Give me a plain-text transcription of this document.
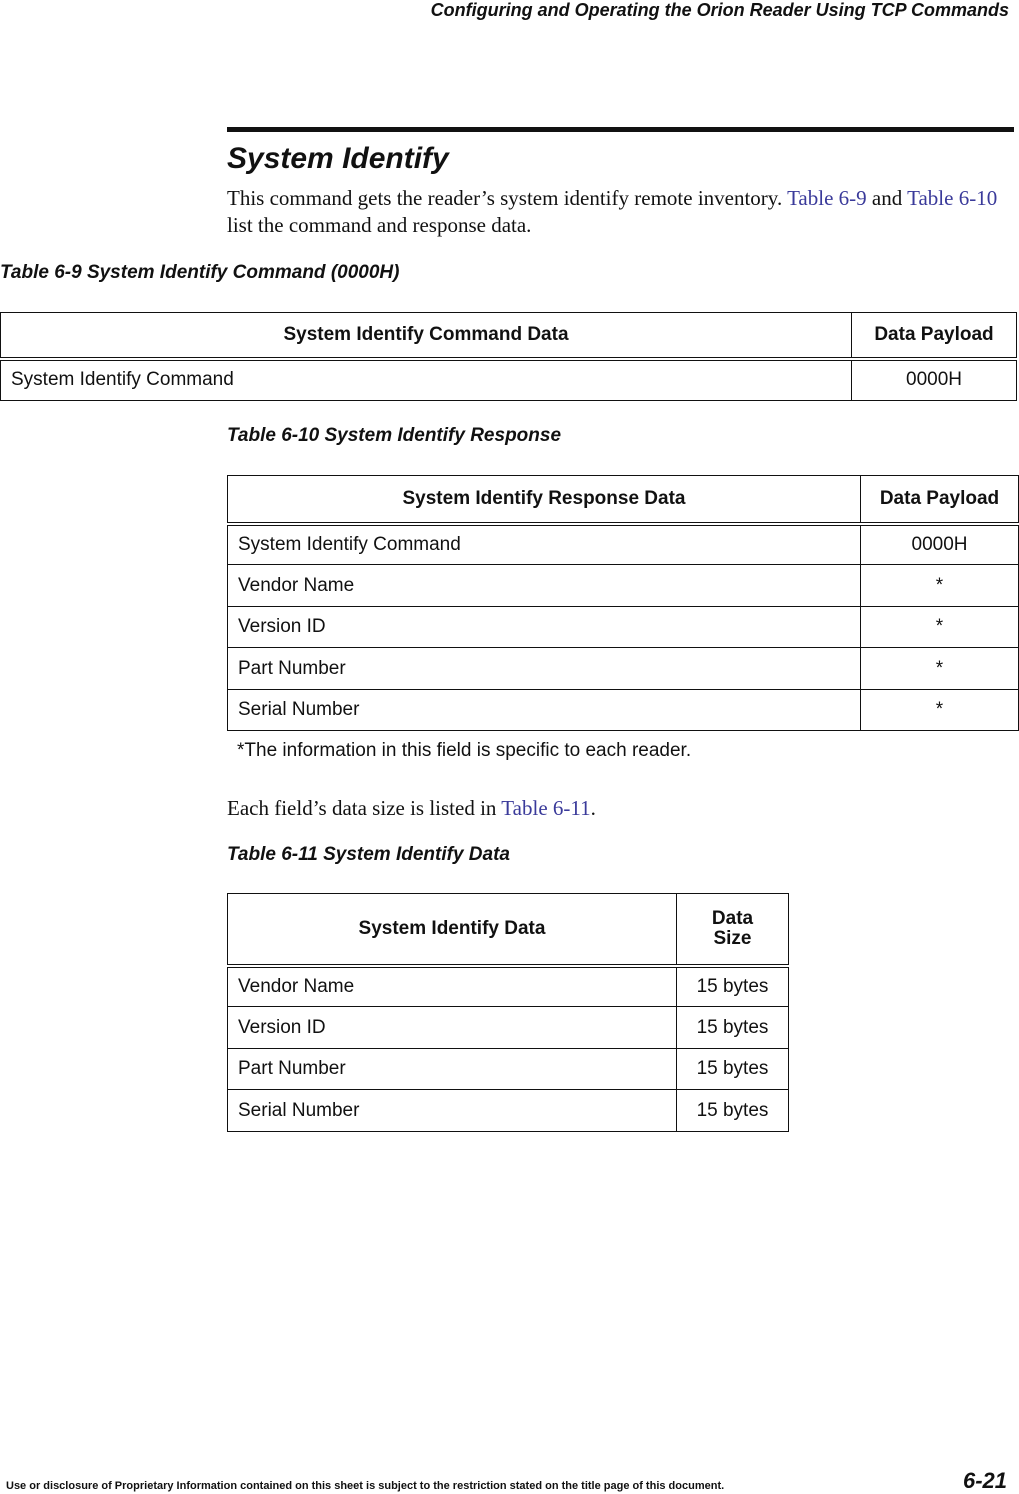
Configuring and Operating the Orion Reader Using TCP Commands
System Identify
This command gets the reader’s system identify remote inventory. Table 6-9 and Table 6-10 list the command and response data.
Table 6-9 System Identify Command (0000H)
System Identify Command Data	Data Payload
System Identify Command	0000H
Table 6-10 System Identify Response
System Identify Response Data	Data Payload
System Identify Command	0000H
Vendor Name	*
Version ID	*
Part Number	*
Serial Number	*
*The information in this field is specific to each reader.
Each field’s data size is listed in Table 6-11.
Table 6-11 System Identify Data
System Identify Data	Data
Size
Vendor Name	15 bytes
Version ID	15 bytes
Part Number	15 bytes
Serial Number	15 bytes
Use or disclosure of Proprietary Information contained on this sheet is subject to the restriction stated on the title page of this document.	6-21
